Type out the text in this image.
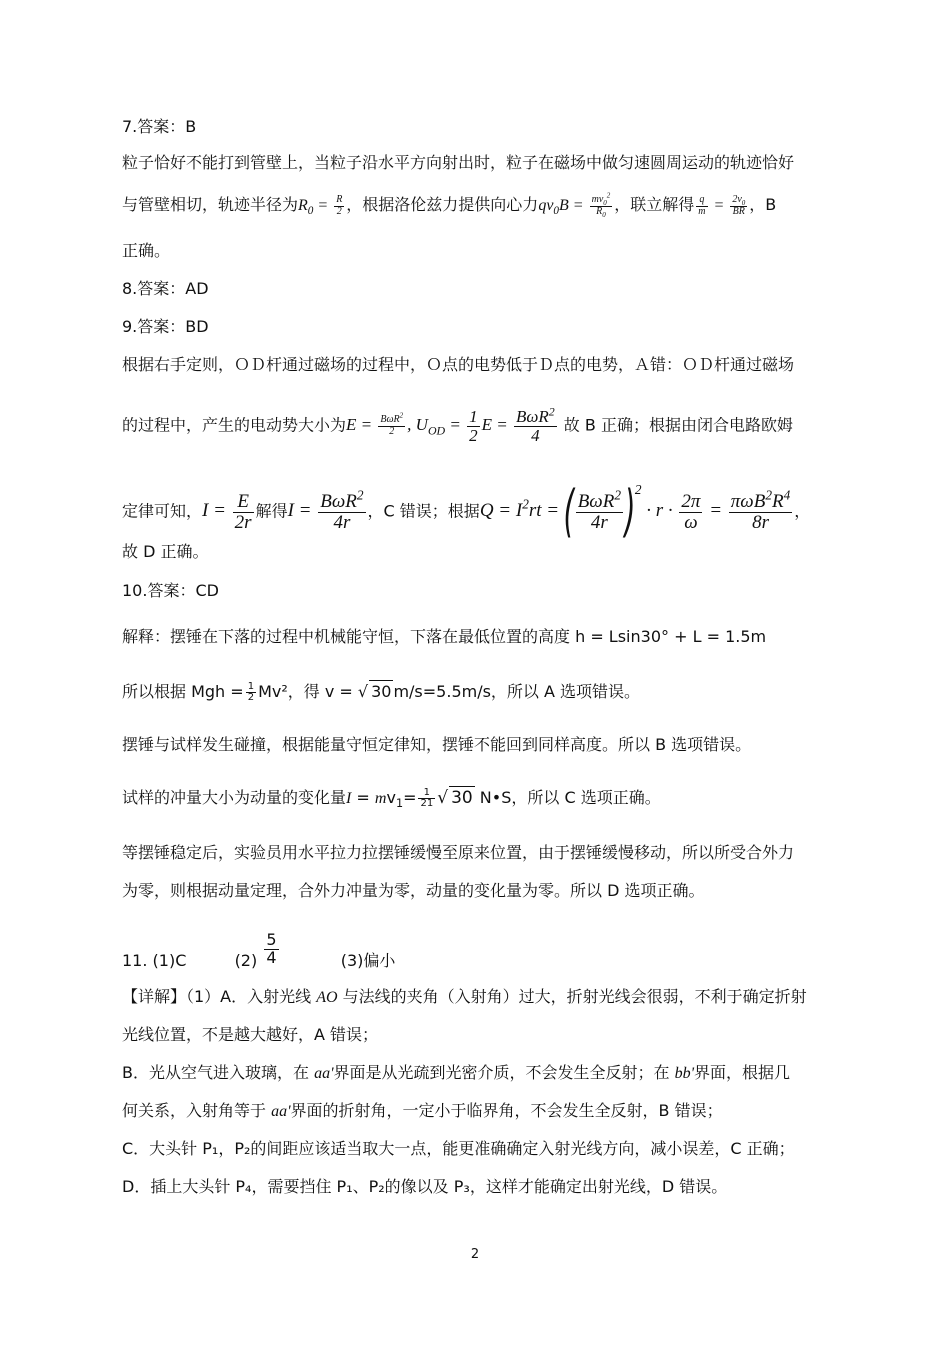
7.答案：B
粒子恰好不能打到管壁上，当粒子沿水平方向射出时，粒子在磁场中做匀速圆周运动的轨迹恰好
与管壁相切，轨迹半径为$R_0 = \frac{R}{2}$ ，根据洛伦兹力提供向心力$qv_0B = \frac{mv_0^2}{R_0}$ ，联立解得 $\frac{q}{m} = \frac{2v_0}{BR}$ ，B
正确。
8.答案：AD
9.答案：BD
根据右手定则，ＯＤ杆通过磁场的过程中，Ｏ点的电势低于Ｄ点的电势，Ａ错：ＯＤ杆通过磁场
的过程中，产生的电动势大小为$E = \frac{B\omega R^2}{2}$ , $U_{OD} = \frac{1}{2}$ $E = \frac{B\omega R^2}{4}$ 故 B 正确；根据由闭合电路欧姆
定律可知，$I = \frac{E}{2r}$ 解得$I = \frac{B\omega R^2}{4r}$ ，C 错误；根据$Q = I^2rt$ = ( $\frac{B\omega R^2}{4r} )^2 \cdot r \cdot \frac{2\pi}{\omega} = \frac{\pi\omega B^2R^4}{8r}$ ，
故 D 正确。
10.答案：CD
解释：摆锤在下落的过程中机械能守恒，下落在最低位置的高度 h = Lsin30° + L = 1.5m
所以根据 Mgh = $\frac{1}{2} Mv^2$，得 v = √ 30 m/s=5.5m/s，所以 A 选项错误。
摆锤与试样发生碰撞，根据能量守恒定律知，摆锤不能回到同样高度。所以 B 选项错误。
试样的冲量大小为动量的变化量$I = mv_1= \frac{1}{21}$ √ 30 N•S，所以 C 选项正确。
等摆锤稳定后，实验员用水平拉力拉摆锤缓慢至原来位置，由于摆锤缓慢移动，所以所受合外力
为零，则根据动量定理，合外力冲量为零，动量的变化量为零。所以 D 选项正确。
11. (1)C	$(2) \frac{5}{4}$	(3)偏小
【详解】（1）A．入射光线 AO 与法线的夹角（入射角）过大，折射光线会很弱，不利于确定折射
光线位置，不是越大越好，A 错误；
B．光从空气进入玻璃，在 aa'界面是从光疏到光密介质，不会发生全反射；在 bb'界面，根据几
何关系，入射角等于 aa'界面的折射角，一定小于临界角，不会发生全反射，B 错误；
C．大头针 P₁，P₂的间距应该适当取大一点，能更准确确定入射光线方向，减小误差，C 正确；
D．插上大头针 P₄，需要挡住 P₁、P₂的像以及 P₃，这样才能确定出射光线，D 错误。
2
